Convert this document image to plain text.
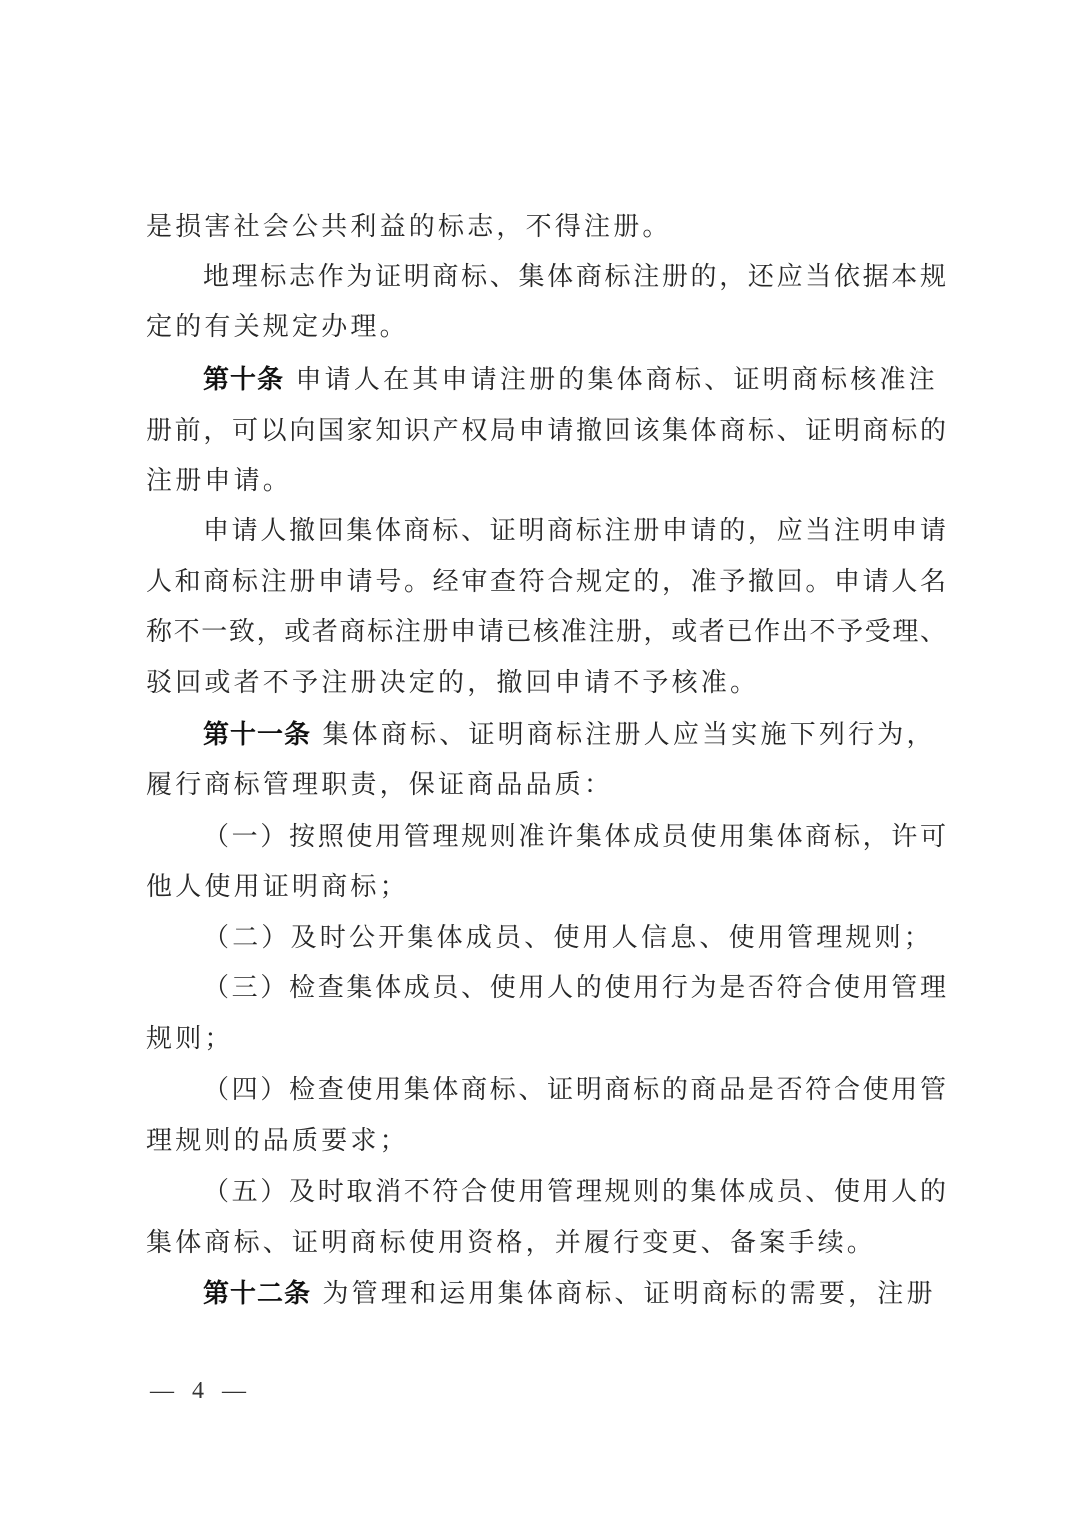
是损害社会公共利益的标志，不得注册。
地理标志作为证明商标、集体商标注册的，还应当依据本规
定的有关规定办理。
第十条 申请人在其申请注册的集体商标、证明商标核准注
册前，可以向国家知识产权局申请撤回该集体商标、证明商标的
注册申请。
申请人撤回集体商标、证明商标注册申请的，应当注明申请
人和商标注册申请号。经审查符合规定的，准予撤回。申请人名
称不一致，或者商标注册申请已核准注册，或者已作出不予受理、
驳回或者不予注册决定的，撤回申请不予核准。
第十一条 集体商标、证明商标注册人应当实施下列行为，
履行商标管理职责，保证商品品质：
（一）按照使用管理规则准许集体成员使用集体商标，许可
他人使用证明商标；
（二）及时公开集体成员、使用人信息、使用管理规则；
（三）检查集体成员、使用人的使用行为是否符合使用管理
规则；
（四）检查使用集体商标、证明商标的商品是否符合使用管
理规则的品质要求；
（五）及时取消不符合使用管理规则的集体成员、使用人的
集体商标、证明商标使用资格，并履行变更、备案手续。
第十二条 为管理和运用集体商标、证明商标的需要，注册
— 4 —
